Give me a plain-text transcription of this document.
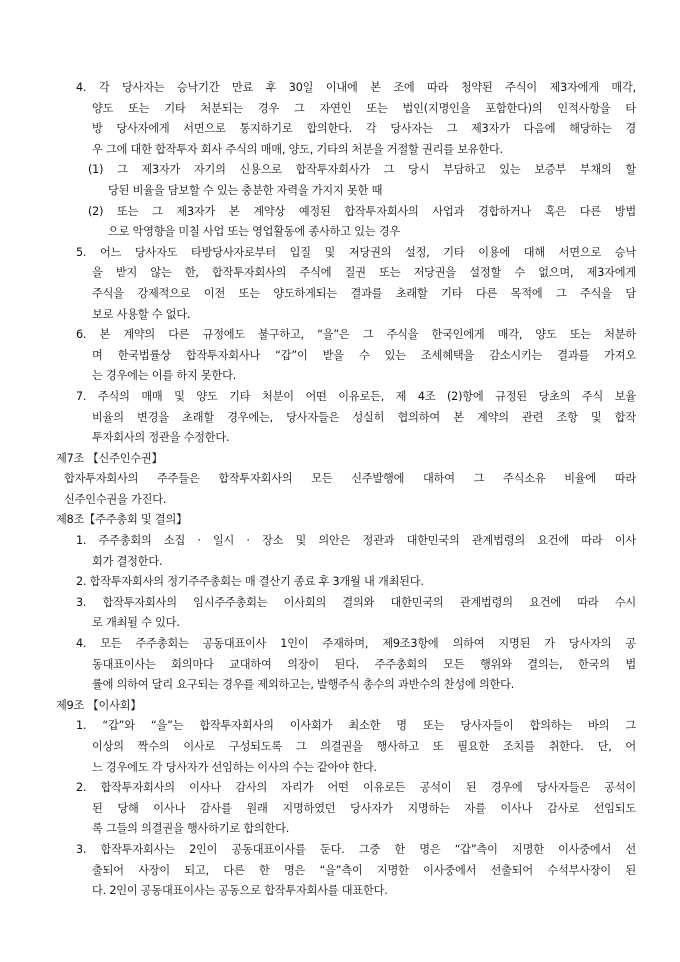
4. 각 당사자는 승낙기간 만료 후 30일 이내에 본 조에 따라 청약된 주식이 제3자에게 매각,
양도 또는 기타 처분되는 경우 그 자연인 또는 법인(지명인을 포함한다)의 인적사항을 타
방 당사자에게 서면으로 통지하기로 합의한다. 각 당사자는 그 제3자가 다음에 해당하는 경
우 그에 대한 합작투자 회사 주식의 매매, 양도, 기타의 처분을 거절할 권리를 보유한다.
(1) 그 제3자가 자기의 신용으로 합작투자회사가 그 당시 부담하고 있는 보증부 부채의 할
당된 비율을 담보할 수 있는 충분한 자력을 가지지 못한 때
(2) 또는 그 제3자가 본 계약상 예정된 합작투자회사의 사업과 경합하거나 혹은 다른 방법
으로 악영향을 미칠 사업 또는 영업활동에 종사하고 있는 경우
5. 어느 당사자도 타방당사자로부터 입질 및 저당권의 설정, 기타 이용에 대해 서면으로 승낙
을 받지 않는 한, 합작투자회사의 주식에 질권 또는 저당권을 설정할 수 없으며, 제3자에게
주식을 강제적으로 이전 또는 양도하게되는 결과를 초래할 기타 다른 목적에 그 주식을 담
보로 사용할 수 없다.
6. 본 계약의 다른 규정에도 불구하고, “을”은 그 주식을 한국인에게 매각, 양도 또는 처분하
며 한국법률상 합작투자회사나 “갑”이 받을 수 있는 조세혜택을 감소시키는 결과를 가져오
는 경우에는 이를 하지 못한다.
7. 주식의 매매 및 양도 기타 처분이 어떤 이유로든, 제 4조 (2)항에 규정된 당초의 주식 보율
비율의 변경을 초래할 경우에는, 당사자들은 성실히 협의하여 본 계약의 관련 조항 및 합작
투자회사의 정관을 수정한다.
제7조 【신주인수권】
합자투자회사의 주주들은 합작투자회사의 모든 신주발행에 대하여 그 주식소유 비율에 따라
신주인수권을 가진다.
제8조【주주총회 및 결의】
1. 주주총회의 소집 · 일시 · 장소 및 의안은 정관과 대한민국의 관계법령의 요건에 따라 이사
회가 결정한다.
2. 합작투자회사의 정기주주총회는 매 결산기 종료 후 3개월 내 개최된다.
3. 합작투자회사의 임시주주총회는 이사회의 결의와 대한민국의 관계법령의 요건에 따라 수시
로 개최될 수 있다.
4. 모든 주주총회는 공동대표이사 1인이 주재하며, 제9조3항에 의하여 지명된 가 당사자의 공
동대표이사는 회의마다 교대하여 의장이 된다. 주주총회의 모든 행위와 결의는, 한국의 법
률에 의하여 달리 요구되는 경우를 제외하고는, 발행주식 총수의 과반수의 찬성에 의한다.
제9조 【이사회】
1. “갑”와 “을”는 합작투자회사의 이사회가 최소한 명 또는 당사자들이 합의하는 바의 그
이상의 짝수의 이사로 구성되도록 그 의결권을 행사하고 또 필요한 조치를 취한다. 단, 어
느 경우에도 각 당사자가 선임하는 이사의 수는 같아야 한다.
2. 합작투자회사의 이사나 감사의 자리가 어떤 이유로든 공석이 된 경우에 당사자들은 공석이
된 당해 이사나 감사를 원래 지명하였던 당사자가 지명하는 자를 이사나 감사로 선임되도
록 그들의 의결권을 행사하기로 합의한다.
3. 합작투자회사는 2인이 공동대표이사를 둔다. 그중 한 명은 “갑”측이 지명한 이사중에서 선
출되어 사장이 되고, 다른 한 명은 “을”측이 지명한 이사중에서 선출되어 수석부사장이 된
다. 2인이 공동대표이사는 공동으로 합작투자회사를 대표한다.
